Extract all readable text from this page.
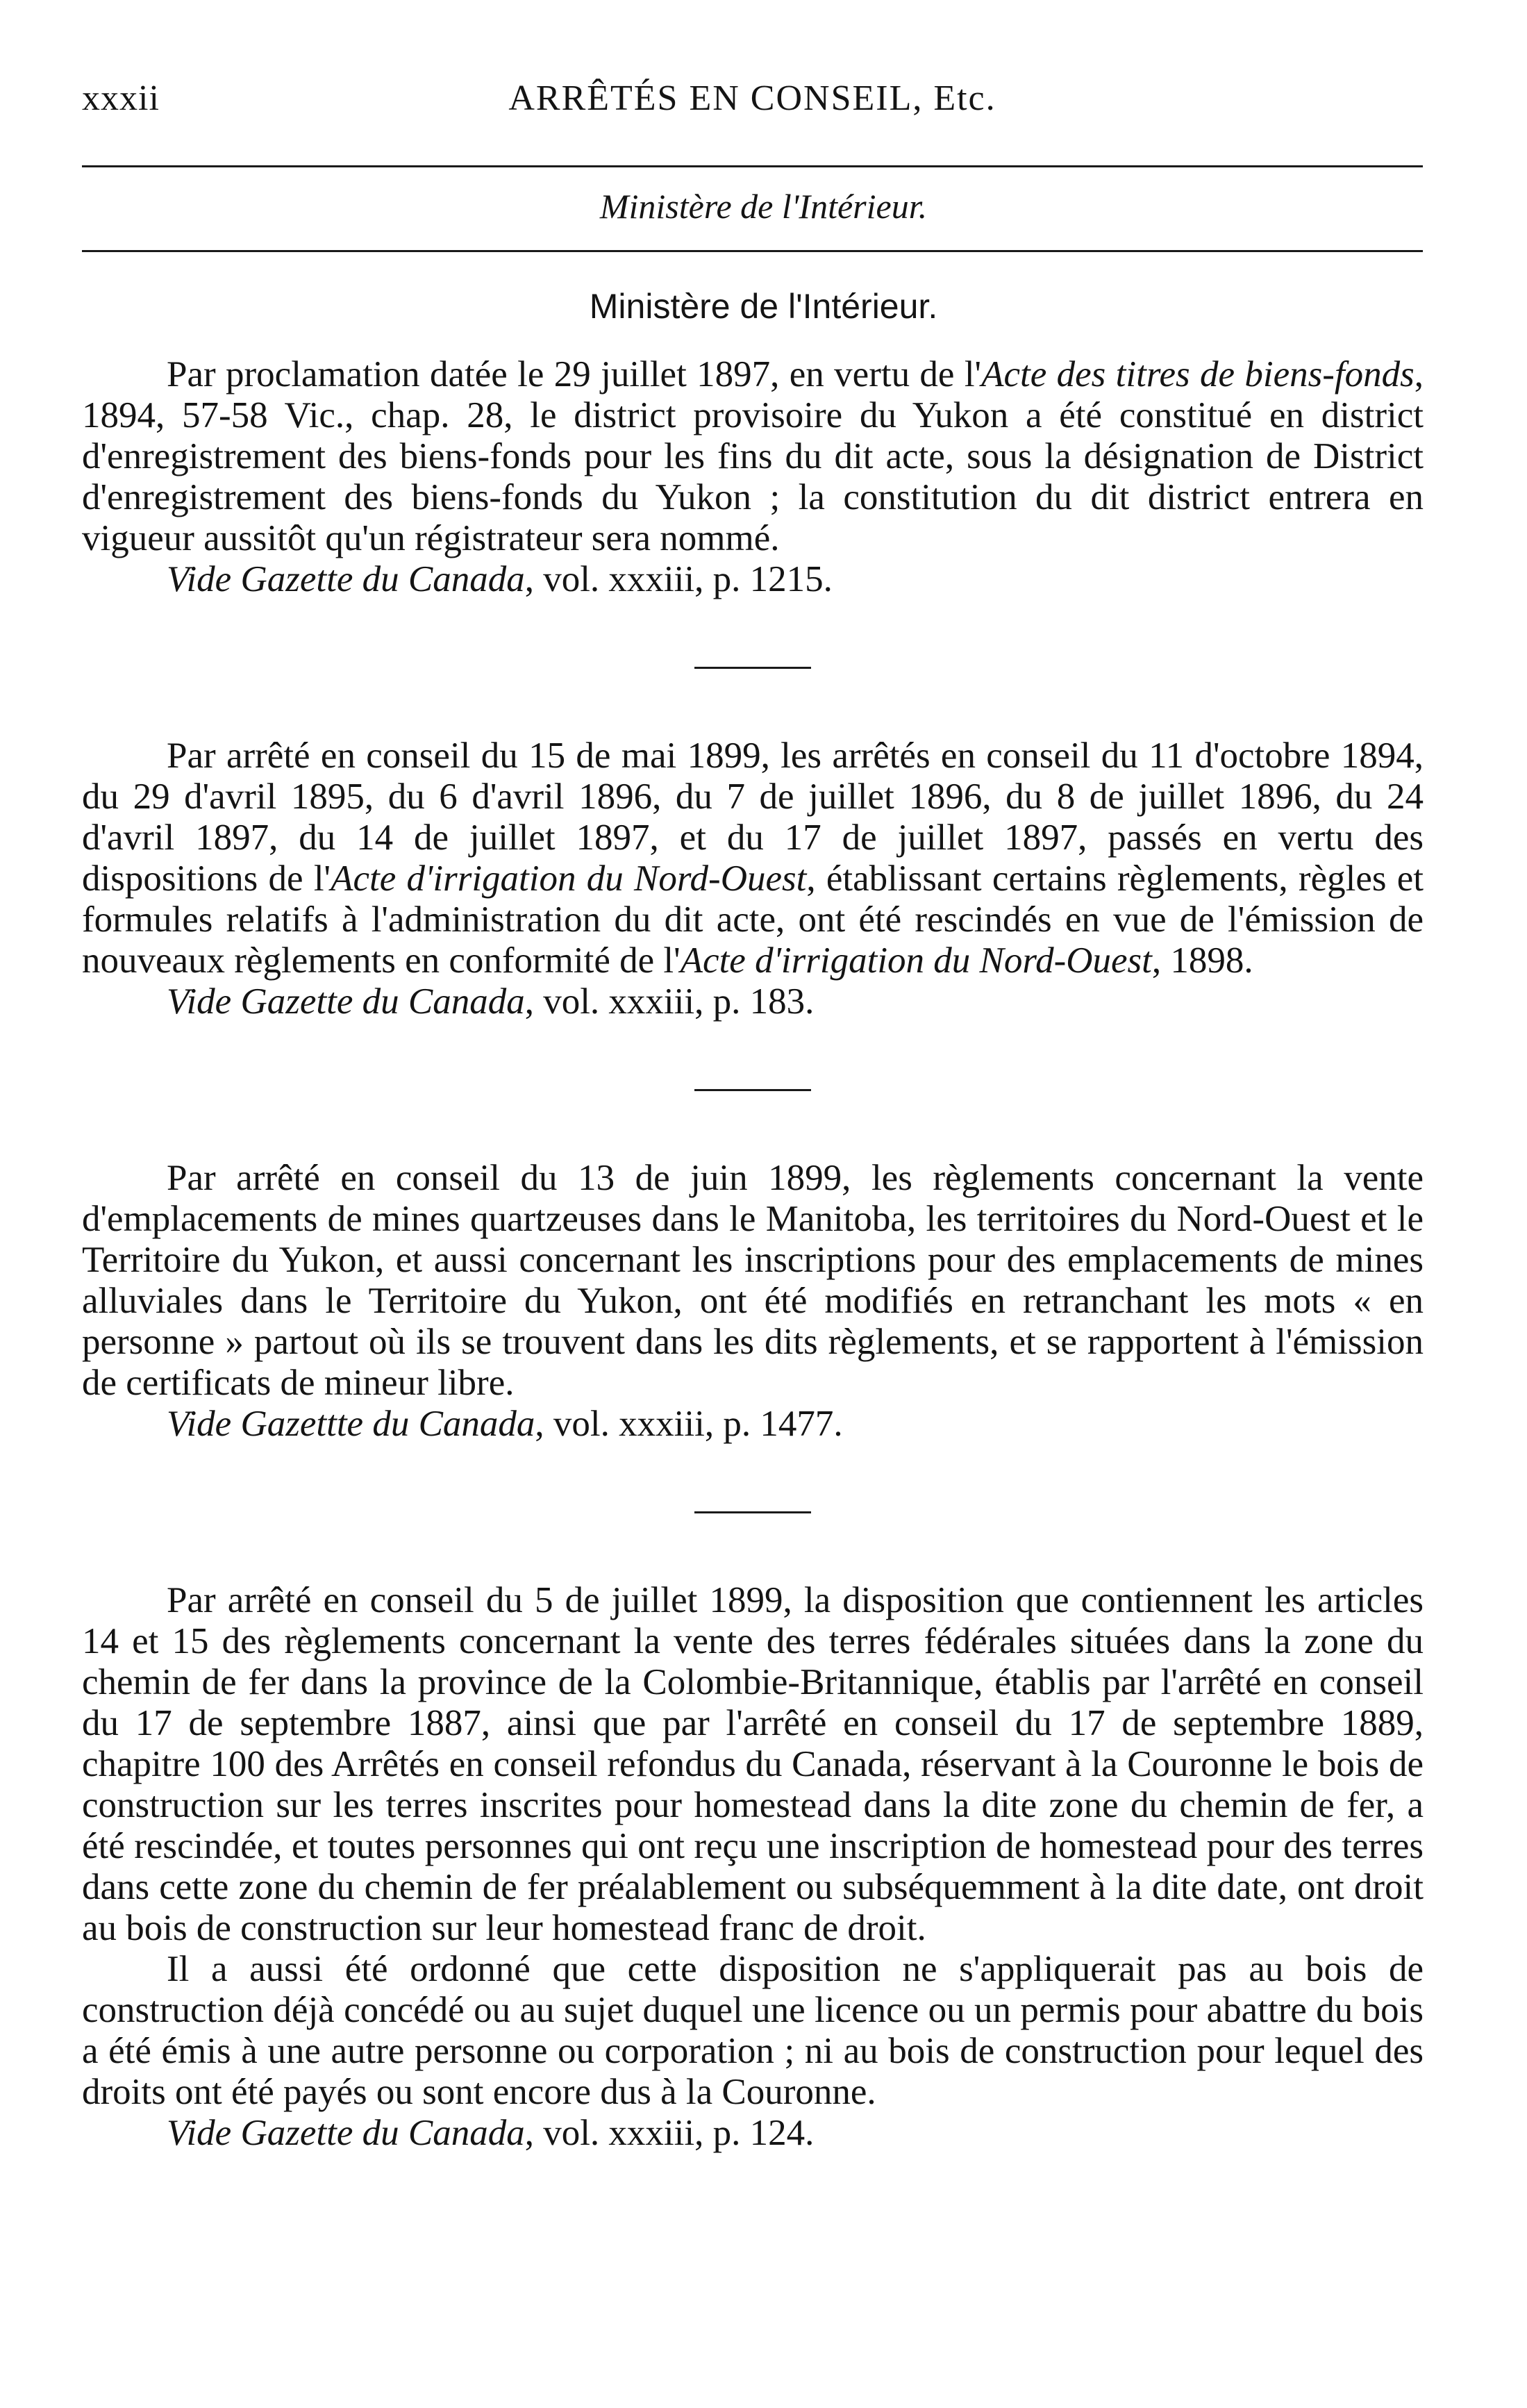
xxxii	ARRÊTÉS EN CONSEIL, Etc.
Ministère de l'Intérieur.
Ministère de l'Intérieur.

Par proclamation datée le 29 juillet 1897, en vertu de l'Acte des titres de biens-fonds, 1894, 57-58 Vic., chap. 28, le district provisoire du Yukon a été constitué en district d'enregistrement des biens-fonds pour les fins du dit acte, sous la désignation de District d'enregistrement des biens-fonds du Yukon ; la constitution du dit district entrera en vigueur aussitôt qu'un régistrateur sera nommé.

Vide Gazette du Canada, vol. xxxiii, p. 1215.

Par arrêté en conseil du 15 de mai 1899, les arrêtés en conseil du 11 d'octobre 1894, du 29 d'avril 1895, du 6 d'avril 1896, du 7 de juillet 1896, du 8 de juillet 1896, du 24 d'avril 1897, du 14 de juillet 1897, et du 17 de juillet 1897, passés en vertu des dispositions de l'Acte d'irrigation du Nord-Ouest, établissant certains règlements, règles et formules relatifs à l'administration du dit acte, ont été rescindés en vue de l'émission de nouveaux règlements en conformité de l'Acte d'irrigation du Nord-Ouest, 1898.

Vide Gazette du Canada, vol. xxxiii, p. 183.

Par arrêté en conseil du 13 de juin 1899, les règlements concernant la vente d'emplacements de mines quartzeuses dans le Manitoba, les territoires du Nord-Ouest et le Territoire du Yukon, et aussi concernant les inscriptions pour des emplacements de mines alluviales dans le Territoire du Yukon, ont été modifiés en retranchant les mots « en personne » partout où ils se trouvent dans les dits règlements, et se rapportent à l'émission de certificats de mineur libre.

Vide Gazettte du Canada, vol. xxxiii, p. 1477.

Par arrêté en conseil du 5 de juillet 1899, la disposition que contiennent les articles 14 et 15 des règlements concernant la vente des terres fédérales situées dans la zone du chemin de fer dans la province de la Colombie-Britannique, établis par l'arrêté en conseil du 17 de septembre 1887, ainsi que par l'arrêté en conseil du 17 de septembre 1889, chapitre 100 des Arrêtés en conseil refondus du Canada, réservant à la Couronne le bois de construction sur les terres inscrites pour homestead dans la dite zone du chemin de fer, a été rescindée, et toutes personnes qui ont reçu une inscription de homestead pour des terres dans cette zone du chemin de fer préalablement ou subséquemment à la dite date, ont droit au bois de construction sur leur homestead franc de droit.

Il a aussi été ordonné que cette disposition ne s'appliquerait pas au bois de construction déjà concédé ou au sujet duquel une licence ou un permis pour abattre du bois a été émis à une autre personne ou corporation ; ni au bois de construction pour lequel des droits ont été payés ou sont encore dus à la Couronne.

Vide Gazette du Canada, vol. xxxiii, p. 124.
